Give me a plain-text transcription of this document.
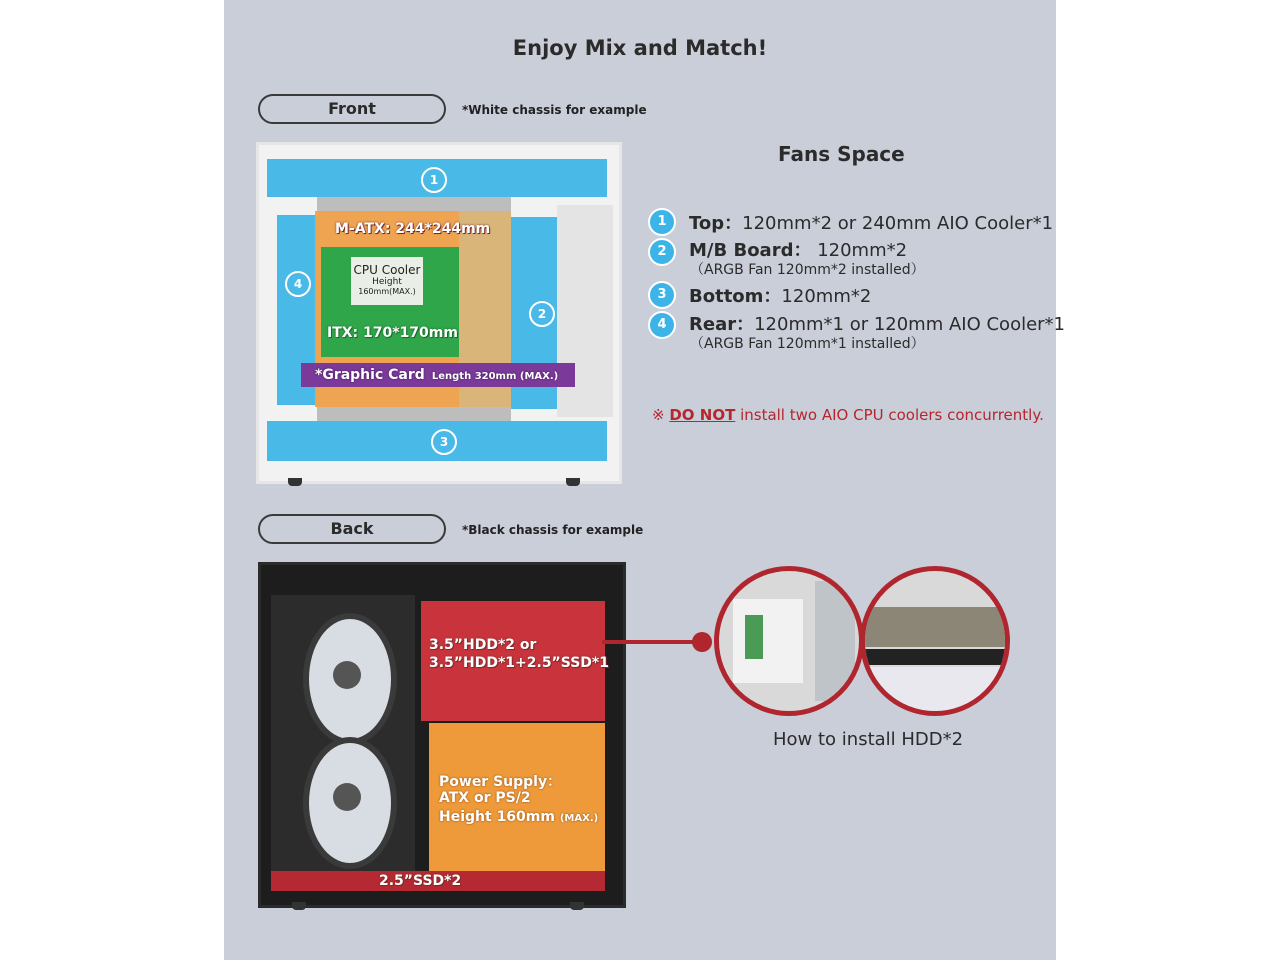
Enjoy Mix and Match!
Front	*White chassis for example
M-ATX: 244*244mm
CPU Cooler
Height
160mm(MAX.)
ITX: 170*170mm
*Graphic Card Length 320mm (MAX.)
1
2
3
4
Fans Space
1	Top：120mm*2 or 240mm AIO Cooler*1
2	M/B Board： 120mm*2
（ARGB Fan 120mm*2 installed）
3	Bottom：120mm*2
4	Rear：120mm*1 or 120mm AIO Cooler*1
（ARGB Fan 120mm*1 installed）
※ DO NOT install two AIO CPU coolers concurrently.
Back	*Black chassis for example
3.5”HDD*2 or
3.5”HDD*1+2.5”SSD*1
Power Supply：
ATX or PS/2
Height 160mm (MAX.)
2.5”SSD*2
How to install HDD*2
